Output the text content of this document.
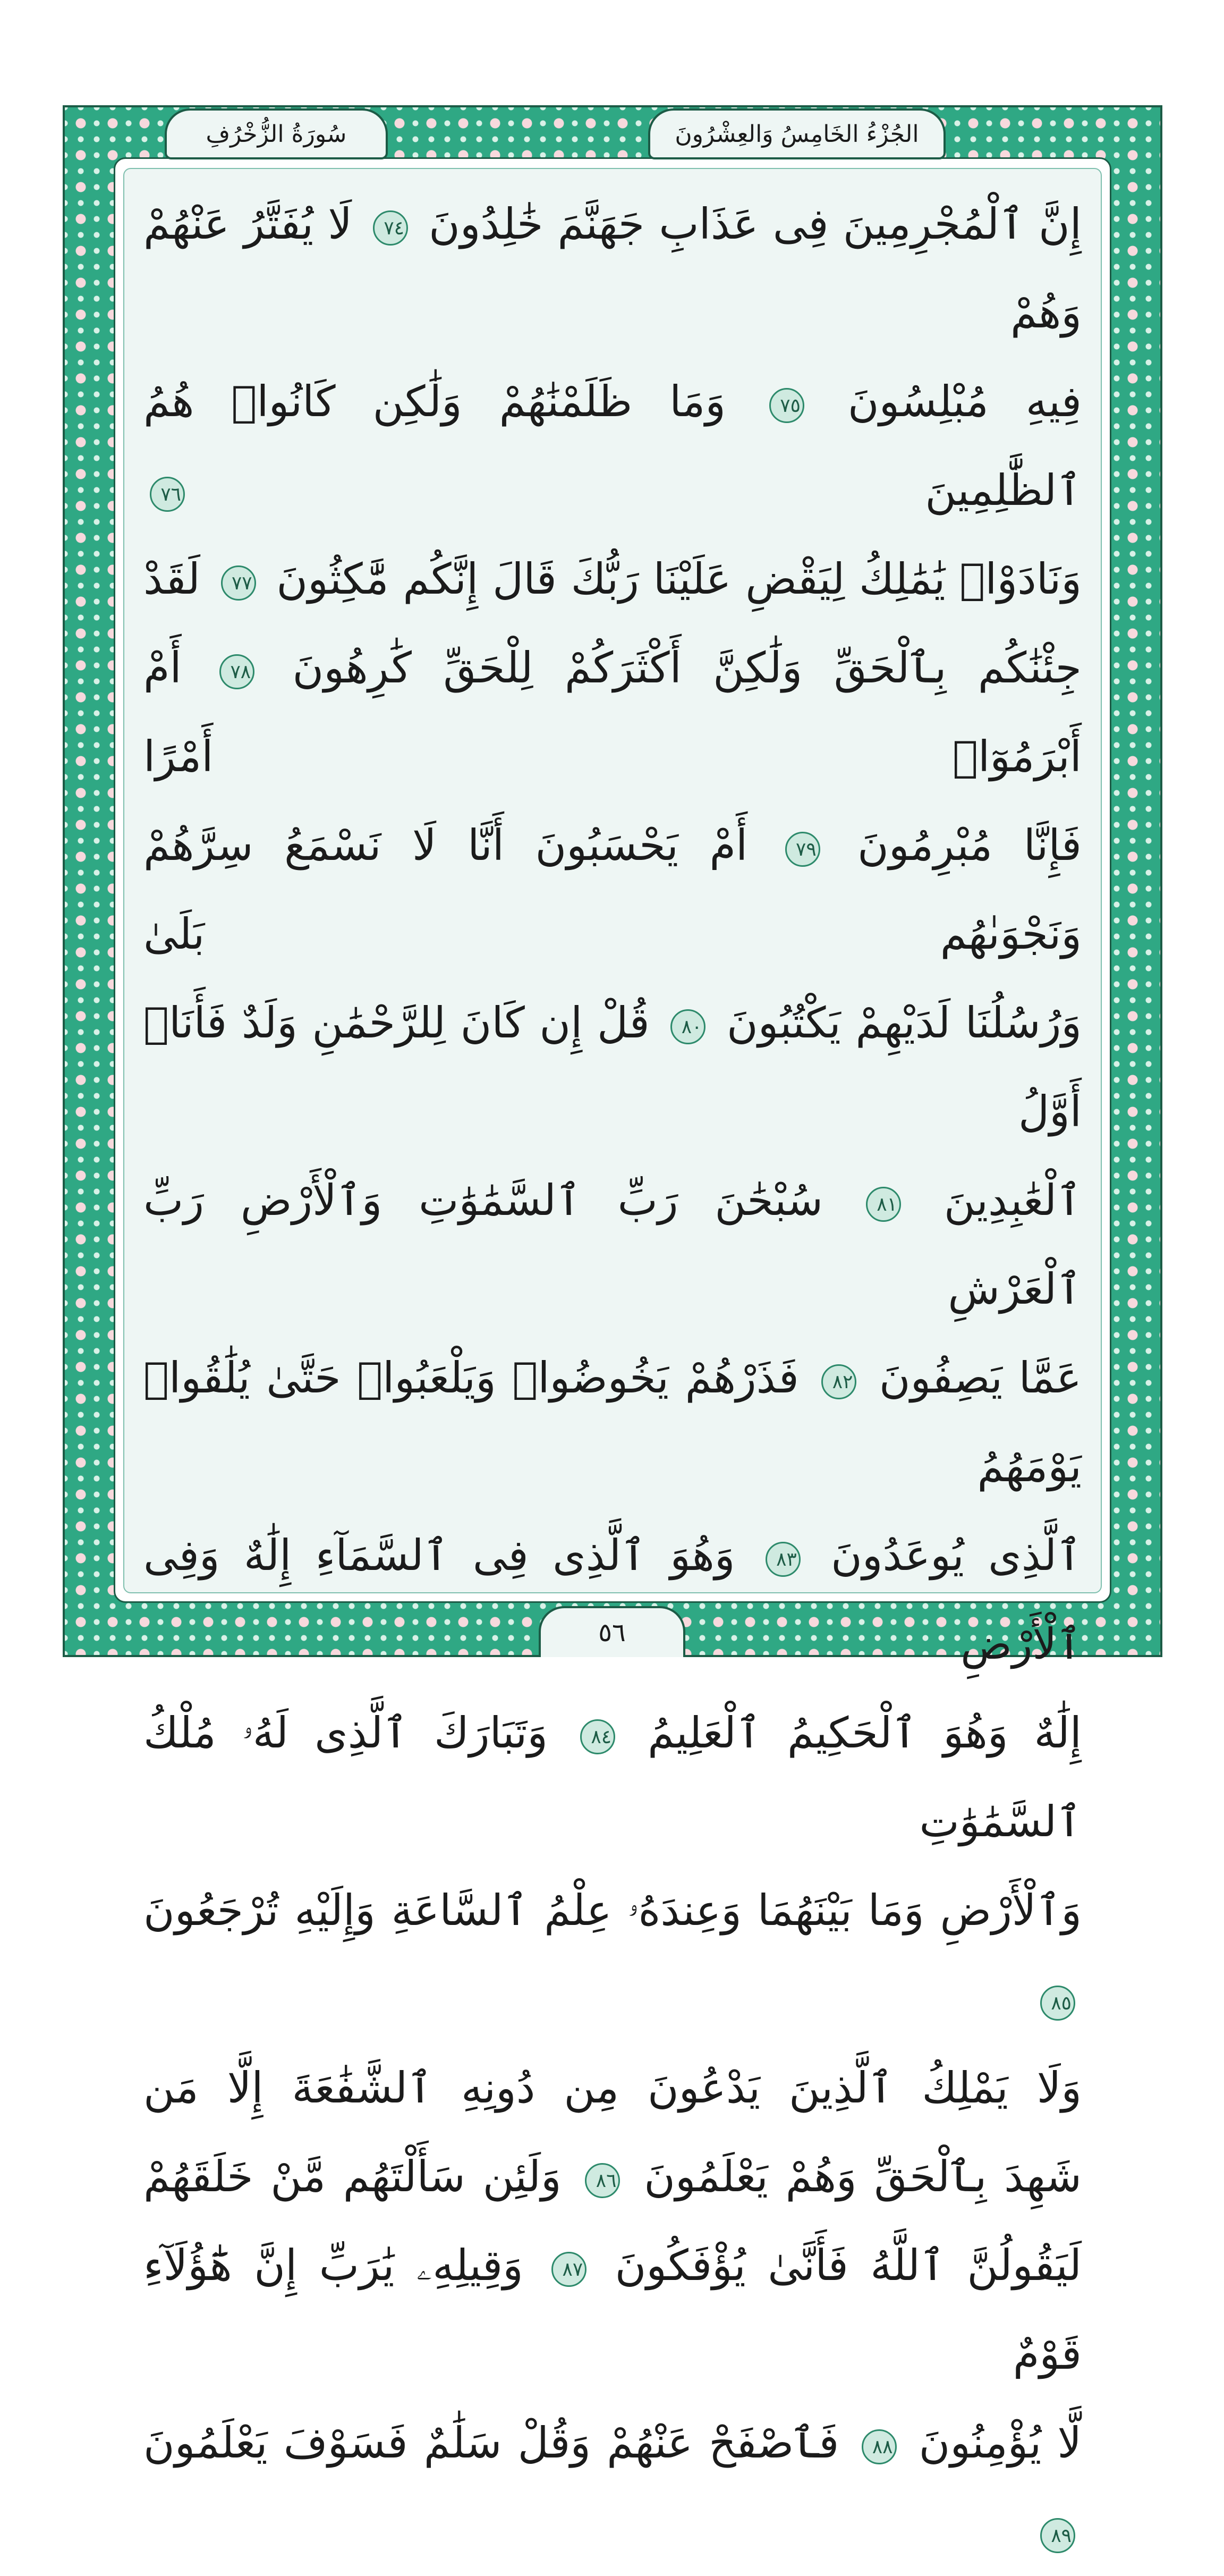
الجُزْءُ الخَامِسُ وَالعِشْرُونَ
سُورَةُ الزُّخْرُفِ
إِنَّ ٱلْمُجْرِمِينَ فِى عَذَابِ جَهَنَّمَ خَٰلِدُونَ ٧٤ لَا يُفَتَّرُ عَنْهُمْ وَهُمْ
فِيهِ مُبْلِسُونَ ٧٥ وَمَا ظَلَمْنَٰهُمْ وَلَٰكِن كَانُوا۟ هُمُ ٱلظَّٰلِمِينَ ٧٦
وَنَادَوْا۟ يَٰمَٰلِكُ لِيَقْضِ عَلَيْنَا رَبُّكَ قَالَ إِنَّكُم مَّٰكِثُونَ ٧٧ لَقَدْ
جِئْنَٰكُم بِٱلْحَقِّ وَلَٰكِنَّ أَكْثَرَكُمْ لِلْحَقِّ كَٰرِهُونَ ٧٨ أَمْ أَبْرَمُوٓا۟ أَمْرًا
فَإِنَّا مُبْرِمُونَ ٧٩ أَمْ يَحْسَبُونَ أَنَّا لَا نَسْمَعُ سِرَّهُمْ وَنَجْوَىٰهُم بَلَىٰ
وَرُسُلُنَا لَدَيْهِمْ يَكْتُبُونَ ٨٠ قُلْ إِن كَانَ لِلرَّحْمَٰنِ وَلَدٌ فَأَنَا۠ أَوَّلُ
ٱلْعَٰبِدِينَ ٨١ سُبْحَٰنَ رَبِّ ٱلسَّمَٰوَٰتِ وَٱلْأَرْضِ رَبِّ ٱلْعَرْشِ
عَمَّا يَصِفُونَ ٨٢ فَذَرْهُمْ يَخُوضُوا۟ وَيَلْعَبُوا۟ حَتَّىٰ يُلَٰقُوا۟ يَوْمَهُمُ
ٱلَّذِى يُوعَدُونَ ٨٣ وَهُوَ ٱلَّذِى فِى ٱلسَّمَآءِ إِلَٰهٌ وَفِى ٱلْأَرْضِ
إِلَٰهٌ وَهُوَ ٱلْحَكِيمُ ٱلْعَلِيمُ ٨٤ وَتَبَارَكَ ٱلَّذِى لَهُۥ مُلْكُ ٱلسَّمَٰوَٰتِ
وَٱلْأَرْضِ وَمَا بَيْنَهُمَا وَعِندَهُۥ عِلْمُ ٱلسَّاعَةِ وَإِلَيْهِ تُرْجَعُونَ ٨٥
وَلَا يَمْلِكُ ٱلَّذِينَ يَدْعُونَ مِن دُونِهِ ٱلشَّفَٰعَةَ إِلَّا مَن
شَهِدَ بِٱلْحَقِّ وَهُمْ يَعْلَمُونَ ٨٦ وَلَئِن سَأَلْتَهُم مَّنْ خَلَقَهُمْ
لَيَقُولُنَّ ٱللَّهُ فَأَنَّىٰ يُؤْفَكُونَ ٨٧ وَقِيلِهِۦ يَٰرَبِّ إِنَّ هَٰٓؤُلَآءِ قَوْمٌ
لَّا يُؤْمِنُونَ ٨٨ فَٱصْفَحْ عَنْهُمْ وَقُلْ سَلَٰمٌ فَسَوْفَ يَعْلَمُونَ ٨٩
٥٦
